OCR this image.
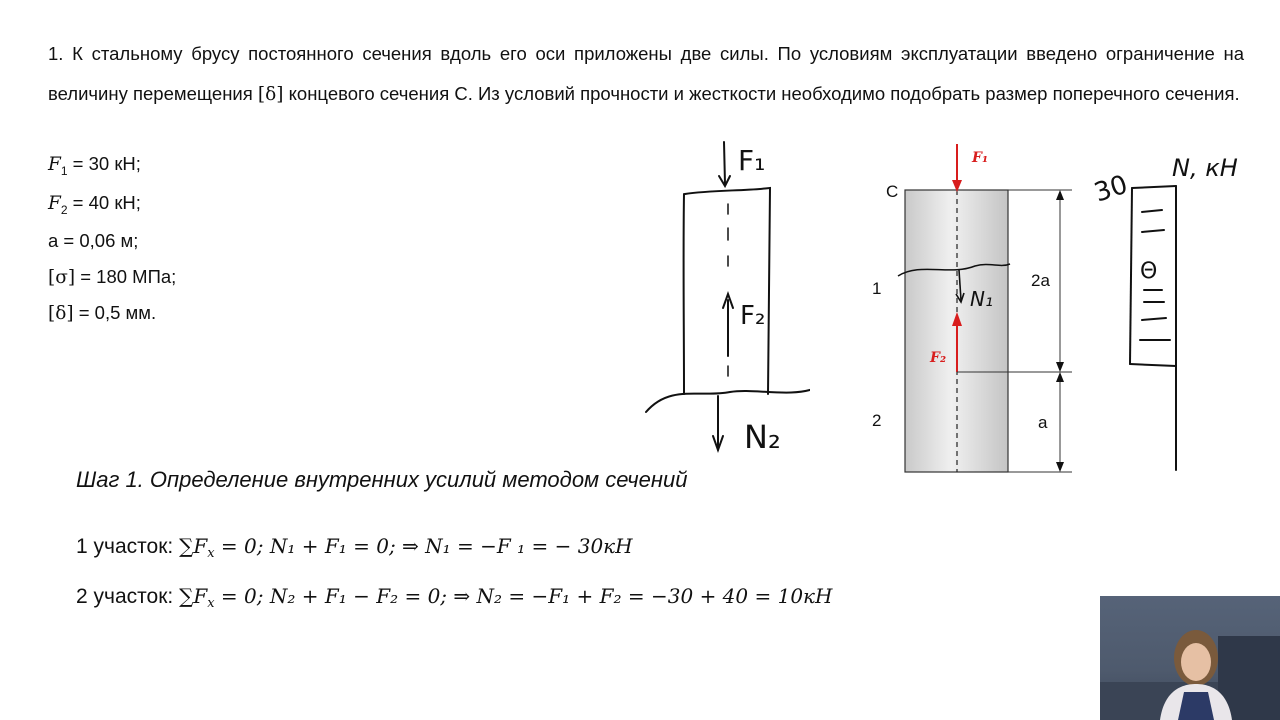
1. К стальному брусу постоянного сечения вдоль его оси приложены две силы. По условиям эксплуатации введено ограничение на величину перемещения [δ] концевого сечения С. Из условий прочности и жесткости необходимо подобрать размер поперечного сечения.

$F_1 = 30$ кН;
$F_2 = 40$ кН;
a = 0,06 м;
[σ] = 180 МПа;
[δ] = 0,5 мм.
F₁
F₂
N₂
F₁
F₂
N₁
C
1
2
2a
a
30
N, кН
Θ
Шаг 1. Определение внутренних усилий методом сечений
1 участок: ∑Fx = 0; N₁ + F₁ = 0; ⇒ N₁ = −F ₁ = − 30кН
2 участок: ∑Fx = 0; N₂ + F₁ − F₂ = 0; ⇒ N₂ = −F₁ + F₂ = −30 + 40 = 10кН
